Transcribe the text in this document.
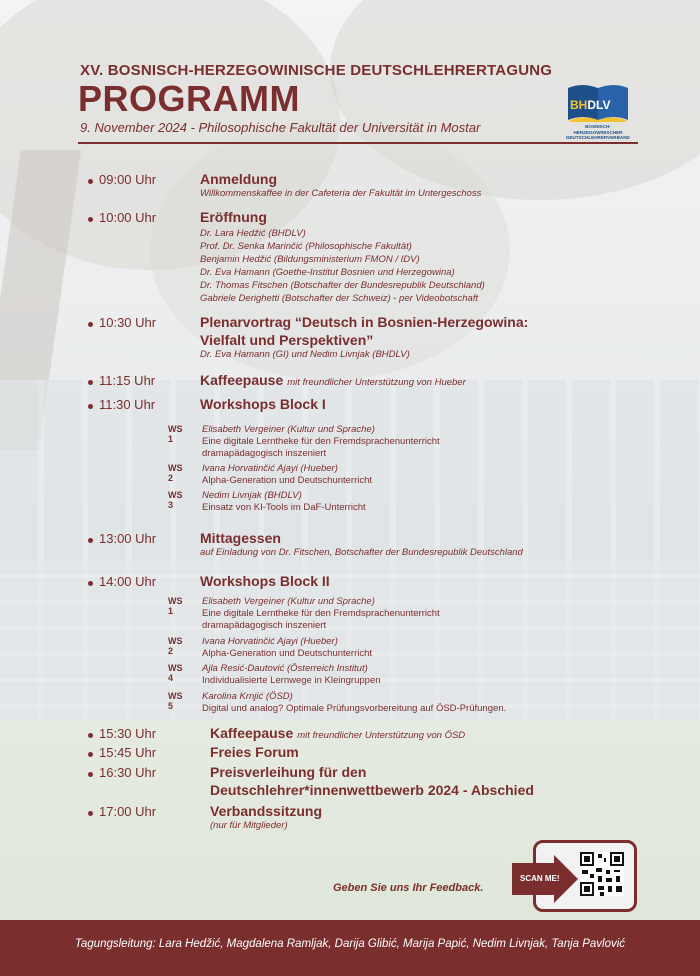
XV. BOSNISCH-HERZEGOWINISCHE DEUTSCHLEHRERTAGUNG
PROGRAMM
9. November 2024 - Philosophische Fakultät der Universität in Mostar
BHDLV
BOSNISCH-HERZEGOWINISCHER
DEUTSCHLEHRERVERBAND
09:00 Uhr	Anmeldung
Willkommenskaffee in der Cafeteria der Fakultät im Untergeschoss
10:00 Uhr	Eröffnung
Dr. Lara Hedžić (BHDLV)
Prof. Dr. Senka Marinčić (Philosophische Fakultät)
Benjamin Hedžić (Bildungsministerium FMON / IDV)
Dr. Eva Hamann (Goethe-Institut Bosnien und Herzegowina)
Dr. Thomas Fitschen (Botschafter der Bundesrepublik Deutschland)
Gabriele Derighetti (Botschafter der Schweiz) - per Videobotschaft
10:30 Uhr	Plenarvortrag “Deutsch in Bosnien-Herzegowina:
Vielfalt und Perspektiven”
Dr. Eva Hamann (GI) und Nedim Livnjak (BHDLV)
11:15 Uhr	Kaffeepause mit freundlicher Unterstützung von Hueber
11:30 Uhr	Workshops Block I
WS 1
Elisabeth Vergeiner (Kultur und Sprache)
Eine digitale Lerntheke für den Fremdsprachenunterricht
dramapädagogisch inszeniert
WS 2
Ivana Horvatinčić Ajayi (Hueber)
Alpha-Generation und Deutschunterricht
WS 3
Nedim Livnjak (BHDLV)
Einsatz von KI-Tools im DaF-Unterricht
13:00 Uhr	Mittagessen
auf Einladung von Dr. Fitschen, Botschafter der Bundesrepublik Deutschland
14:00 Uhr	Workshops Block II
WS 1
Elisabeth Vergeiner (Kultur und Sprache)
Eine digitale Lerntheke für den Fremdsprachenunterricht
dramapädagogisch inszeniert
WS 2
Ivana Horvatinčić Ajayi (Hueber)
Alpha-Generation und Deutschunterricht
WS 4
Ajla Resić-Dautović (Österreich Institut)
Individualisierte Lernwege in Kleingruppen
WS 5
Karolina Krnjić (ÖSD)
Digital und analog? Optimale Prüfungsvorbereitung auf ÖSD-Prüfungen.
15:30 Uhr	Kaffeepause mit freundlicher Unterstützung von ÖSD
15:45 Uhr	Freies Forum
16:30 Uhr	Preisverleihung für den
Deutschlehrer*innenwettbewerb 2024 - Abschied
17:00 Uhr	Verbandssitzung
(nur für Mitglieder)
Geben Sie uns Ihr Feedback.
SCAN ME!
Tagungsleitung: Lara Hedžić, Magdalena Ramljak, Darija Glibić, Marija Papić, Nedim Livnjak, Tanja Pavlović
